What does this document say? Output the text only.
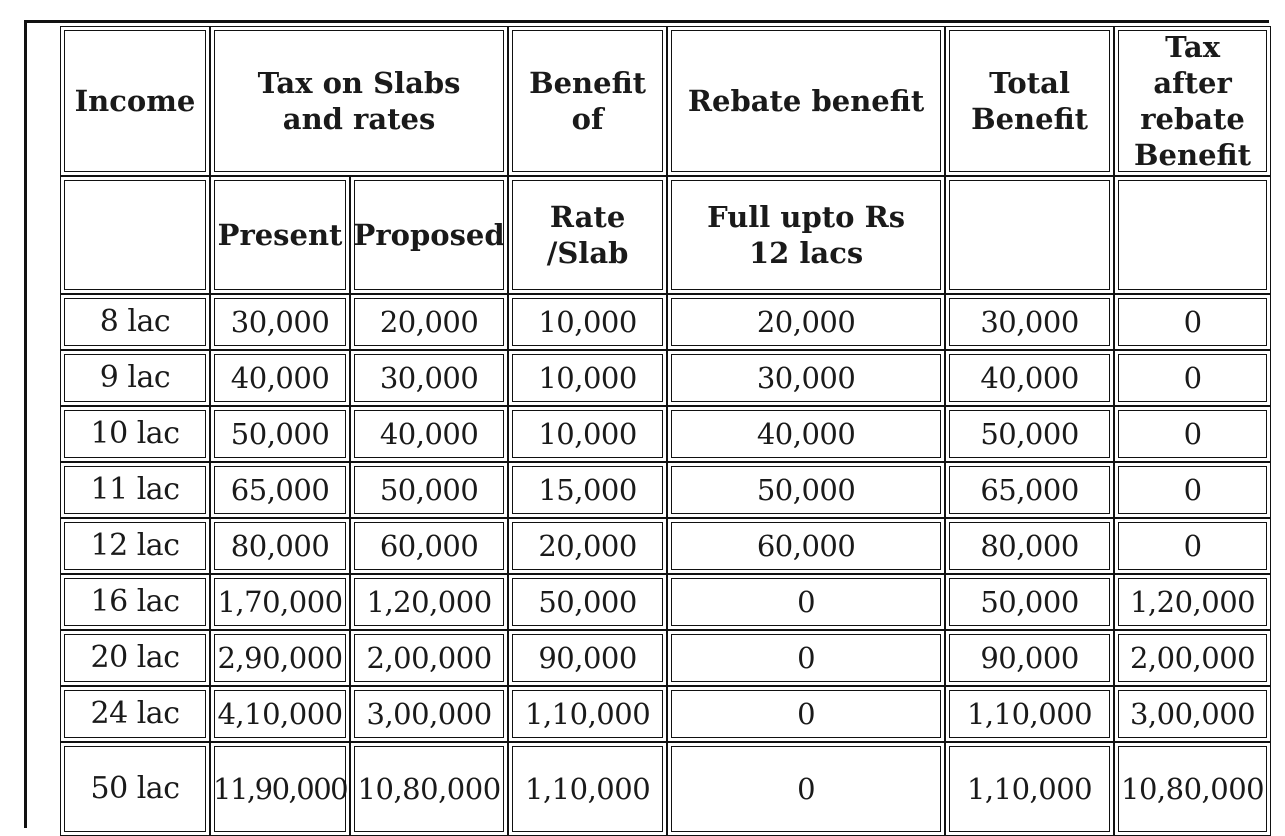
Income	Tax on Slabs and rates		Benefit of	Rebate benefit	Total Benefit	Tax after rebate Benefit
	Present	Proposed	Rate /Slab	Full upto Rs 12 lacs		
8 lac	30,000	20,000	10,000	20,000	30,000	0
9 lac	40,000	30,000	10,000	30,000	40,000	0
10 lac	50,000	40,000	10,000	40,000	50,000	0
11 lac	65,000	50,000	15,000	50,000	65,000	0
12 lac	80,000	60,000	20,000	60,000	80,000	0
16 lac	1,70,000	1,20,000	50,000	0	50,000	1,20,000
20 lac	2,90,000	2,00,000	90,000	0	90,000	2,00,000
24 lac	4,10,000	3,00,000	1,10,000	0	1,10,000	3,00,000
50 lac	11,90,000	10,80,000	1,10,000	0	1,10,000	10,80,000
